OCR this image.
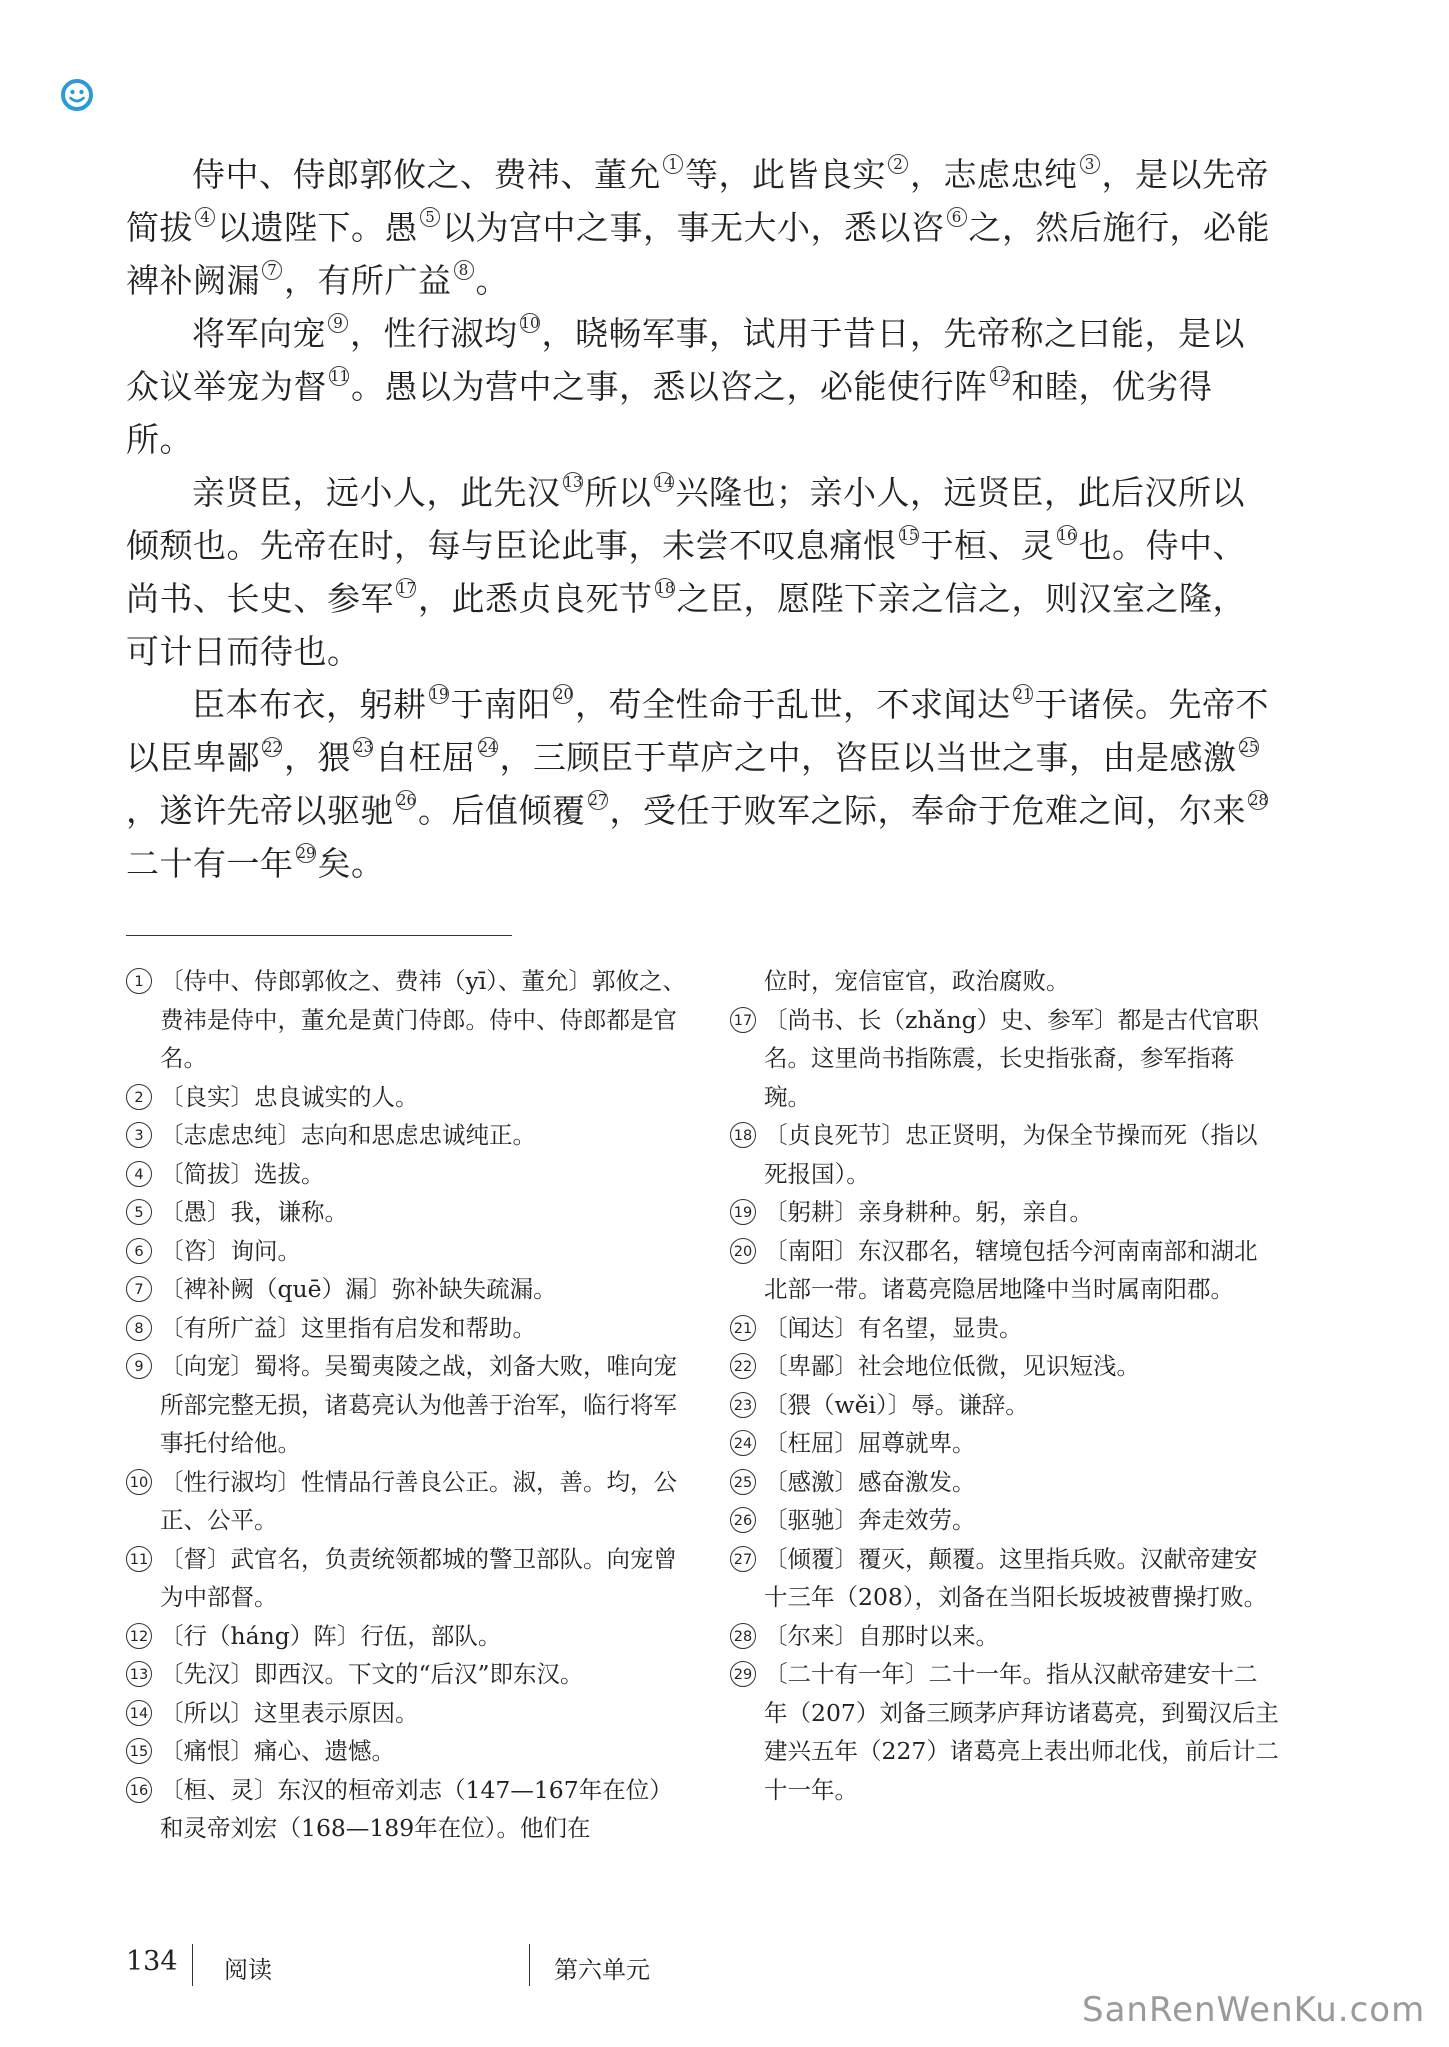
侍中、侍郎郭攸之、费祎、董允 $^1$ 等，此皆良实 $^2$ ，志虑忠纯 $^3$ ，是以先帝简拔 $^4$ 以遗陛下。愚 $^5$ 以为宫中之事，事无大小，悉以咨 $^6$ 之，然后施行，必能裨补阙漏 $^7$ ，有所广益 $^8$ 。

将军向宠 $^9$ ，性行淑均 $^{10}$，晓畅军事，试用于昔日，先帝称之曰能，是以众议举宠为督 $^{11}$。愚以为营中之事，悉以咨之，必能使行阵 $^{12}$和睦，优劣得所。

亲贤臣，远小人，此先汉 $^{13}$所以 $^{14}$兴隆也；亲小人，远贤臣，此后汉所以倾颓也。先帝在时，每与臣论此事，未尝不叹息痛恨 $^{15}$于桓、灵 $^{16}$也。侍中、尚书、长史、参军 $^{17}$，此悉贞良死节 $^{18}$之臣，愿陛下亲之信之，则汉室之隆，可计日而待也。

臣本布衣，躬耕 $^{19}$于南阳 $^{20}$，苟全性命于乱世，不求闻达 $^{21}$于诸侯。先帝不以臣卑鄙 $^{22}$，猥 $^{23}$自枉屈 $^{24}$，三顾臣于草庐之中，咨臣以当世之事，由是感激 $^{25}$，遂许先帝以驱驰 $^{26}$。后值倾覆 $^{27}$，受任于败军之际，奉命于危难之间，尔来 $^{28}$二十有一年 $^{29}$矣。

1 〔侍中、侍郎郭攸之、费祎（yī）、董允〕郭攸之、费祎是侍中，董允是黄门侍郎。侍中、侍郎都是官名。
2 〔良实〕忠良诚实的人。
3 〔志虑忠纯〕志向和思虑忠诚纯正。
4 〔简拔〕选拔。
5 〔愚〕我，谦称。
6 〔咨〕询问。
7 〔裨补阙（quē）漏〕弥补缺失疏漏。
8 〔有所广益〕这里指有启发和帮助。
9 〔向宠〕蜀将。吴蜀夷陵之战，刘备大败，唯向宠所部完整无损，诸葛亮认为他善于治军，临行将军事托付给他。
10 〔性行淑均〕性情品行善良公正。淑，善。均，公正、公平。
11 〔督〕武官名，负责统领都城的警卫部队。向宠曾为中部督。
12 〔行（háng）阵〕行伍，部队。
13 〔先汉〕即西汉。下文的“后汉”即东汉。
14 〔所以〕这里表示原因。
15 〔痛恨〕痛心、遗憾。
16 〔桓、灵〕东汉的桓帝刘志（147—167年在位）和灵帝刘宏（168—189年在位）。他们在
位时，宠信宦官，政治腐败。
17 〔尚书、长（zhǎng）史、参军〕都是古代官职名。这里尚书指陈震，长史指张裔，参军指蒋琬。
18 〔贞良死节〕忠正贤明，为保全节操而死（指以死报国）。
19 〔躬耕〕亲身耕种。躬，亲自。
20 〔南阳〕东汉郡名，辖境包括今河南南部和湖北北部一带。诸葛亮隐居地隆中当时属南阳郡。
21 〔闻达〕有名望，显贵。
22 〔卑鄙〕社会地位低微，见识短浅。
23 〔猥（wěi）〕辱。谦辞。
24 〔枉屈〕屈尊就卑。
25 〔感激〕感奋激发。
26 〔驱驰〕奔走效劳。
27 〔倾覆〕覆灭，颠覆。这里指兵败。汉献帝建安十三年（208），刘备在当阳长坂坡被曹操打败。
28 〔尔来〕自那时以来。
29 〔二十有一年〕二十一年。指从汉献帝建安十二年（207）刘备三顾茅庐拜访诸葛亮，到蜀汉后主建兴五年（227）诸葛亮上表出师北伐，前后计二十一年。
134 阅读	第六单元
SanRenWenKu.com
